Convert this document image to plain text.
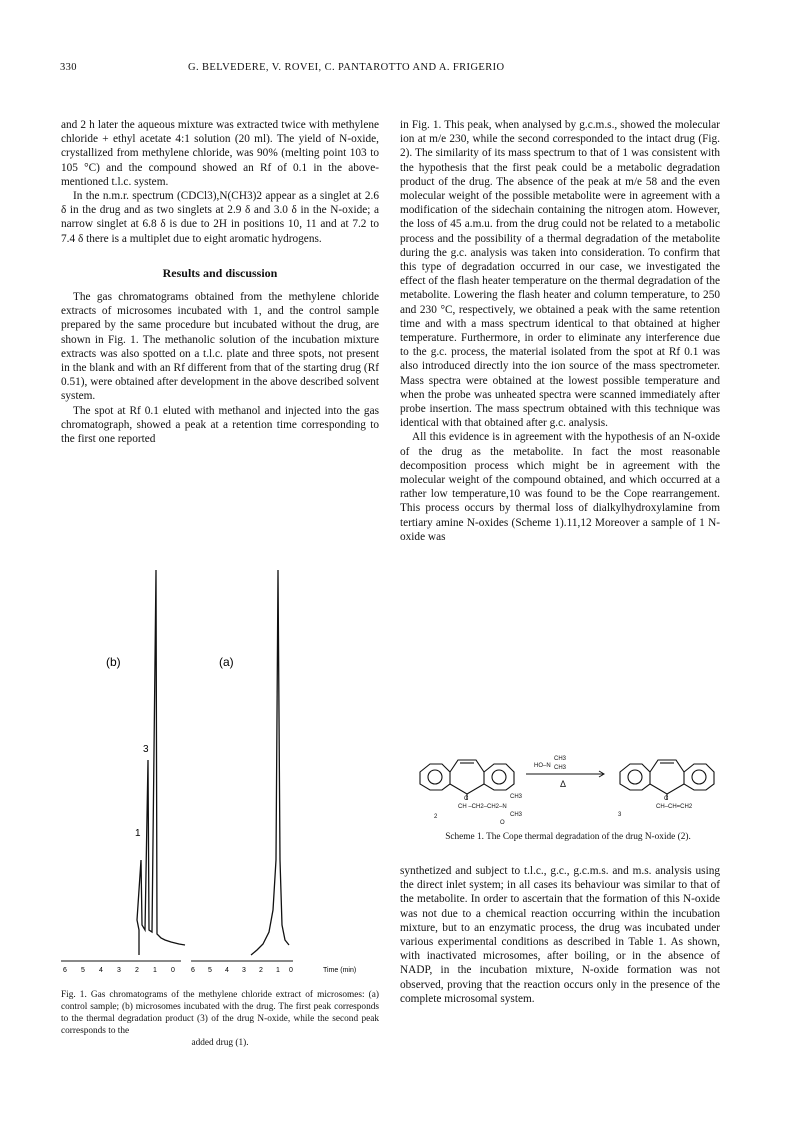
330	G. BELVEDERE, V. ROVEI, C. PANTAROTTO AND A. FRIGERIO

and 2 h later the aqueous mixture was extracted twice with methylene chloride + ethyl acetate 4:1 solution (20 ml). The yield of N-oxide, crystallized from methylene chloride, was 90% (melting point 103 to 105 °C) and the compound showed an Rf of 0.1 in the above-mentioned t.l.c. system.

In the n.m.r. spectrum (CDCl3),N(CH3)2 appear as a singlet at 2.6 δ in the drug and as two singlets at 2.9 δ and 3.0 δ in the N-oxide; a narrow singlet at 6.8 δ is due to 2H in positions 10, 11 and at 7.2 to 7.4 δ there is a multiplet due to eight aromatic hydrogens.

Results and discussion

The gas chromatograms obtained from the methylene chloride extracts of microsomes incubated with 1, and the control sample prepared by the same procedure but incubated without the drug, are shown in Fig. 1. The methanolic solution of the incubation mixture extracts was also spotted on a t.l.c. plate and three spots, not present in the blank and with an Rf different from that of the starting drug (Rf 0.51), were obtained after development in the above described solvent system.

The spot at Rf 0.1 eluted with methanol and injected into the gas chromatograph, showed a peak at a retention time corresponding to the first one reported

(b)	(a)
3
1
6 5 4 3 2 1 0 6 5 4 3 2 1 0	Time (min)
Fig. 1. Gas chromatograms of the methylene chloride extract of microsomes: (a) control sample; (b) microsomes incubated with the drug. The first peak corresponds to the thermal degradation product (3) of the drug N-oxide, while the second peak corresponds to the
added drug (1).

in Fig. 1. This peak, when analysed by g.c.m.s., showed the molecular ion at m/e 230, while the second corresponded to the intact drug (Fig. 2). The similarity of its mass spectrum to that of 1 was consistent with the hypothesis that the first peak could be a metabolic degradation product of the drug. The absence of the peak at m/e 58 and the even molecular weight of the possible metabolite were in agreement with a modification of the sidechain containing the nitrogen atom. However, the loss of 45 a.m.u. from the drug could not be related to a metabolic process and the possibility of a thermal degradation of the metabolite during the g.c. analysis was taken into consideration. To confirm that this type of degradation occurred in our case, we investigated the effect of the flash heater temperature on the thermal degradation of the metabolite. Lowering the flash heater and column temperature, to 250 and 230 °C, respectively, we obtained a peak with the same retention time and with a mass spectrum identical to that obtained at higher temperature. Furthermore, in order to eliminate any interference due to the g.c. process, the material isolated from the spot at Rf 0.1 was also introduced directly into the ion source of the mass spectrometer. Mass spectra were obtained at the lowest possible temperature and when the probe was unheated spectra were scanned immediately after probe insertion. The mass spectrum obtained with this technique was identical with that obtained after g.c. analysis.

All this evidence is in agreement with the hypothesis of an N-oxide of the drug as the metabolite. In fact the most reasonable decomposition process which might be in agreement with the molecular weight of the compound obtained, and which occurred at a rather low temperature,10 was found to be the Cope rearrangement. This process occurs by thermal loss of dialkylhydroxylamine from tertiary amine N-oxides (Scheme 1).11,12 Moreover a sample of 1 N-oxide was

HO–N
CH3
CH3
Δ
C
CH –CH2–CH2–N
CH3
CH3
O
2
C
CH–CH=CH2
3
Scheme 1. The Cope thermal degradation of the drug N-oxide (2).

synthetized and subject to t.l.c., g.c., g.c.m.s. and m.s. analysis using the direct inlet system; in all cases its behaviour was similar to that of the metabolite. In order to ascertain that the formation of this N-oxide was not due to a chemical reaction occurring within the incubation mixture, but to an enzymatic process, the drug was incubated under various experimental conditions as described in Table 1. As shown, with inactivated microsomes, after boiling, or in the absence of NADP, in the incubation mixture, N-oxide formation was not observed, proving that the reaction occurs only in the presence of the complete microsomal system.
